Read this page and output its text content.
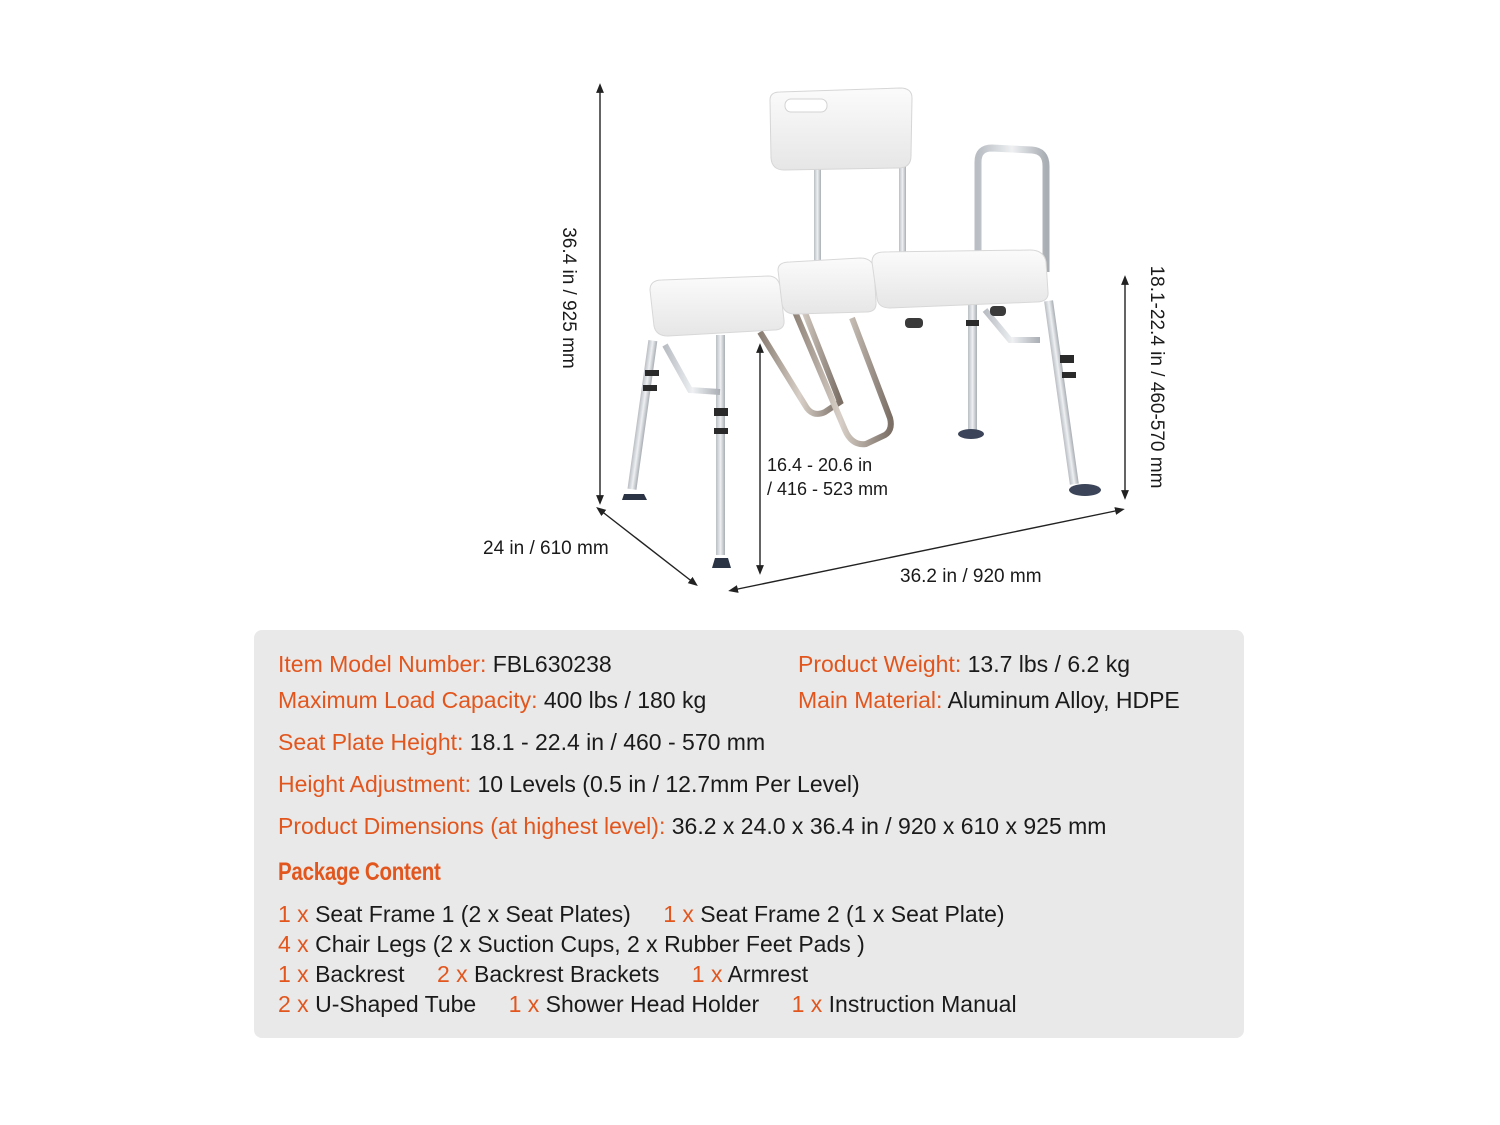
36.4 in / 925 mm	18.1-22.4 in / 460-570 mm
24 in / 610 mm
36.2 in / 920 mm
16.4 - 20.6 in
/ 416 - 523 mm
Item Model Number: FBL630238	Product Weight: 13.7 lbs / 6.2 kg
Maximum Load Capacity: 400 lbs / 180 kg	Main Material: Aluminum Alloy, HDPE
Seat Plate Height: 18.1 - 22.4 in / 460 - 570 mm
Height Adjustment: 10 Levels (0.5 in / 12.7mm Per Level)
Product Dimensions (at highest level): 36.2 x 24.0 x 36.4 in / 920 x 610 x 925 mm
Package Content
1 x Seat Frame 1 (2 x Seat Plates) 1 x Seat Frame 2 (1 x Seat Plate)
4 x Chair Legs (2 x Suction Cups, 2 x Rubber Feet Pads )
1 x Backrest 2 x Backrest Brackets 1 x Armrest
2 x U-Shaped Tube 1 x Shower Head Holder 1 x Instruction Manual
